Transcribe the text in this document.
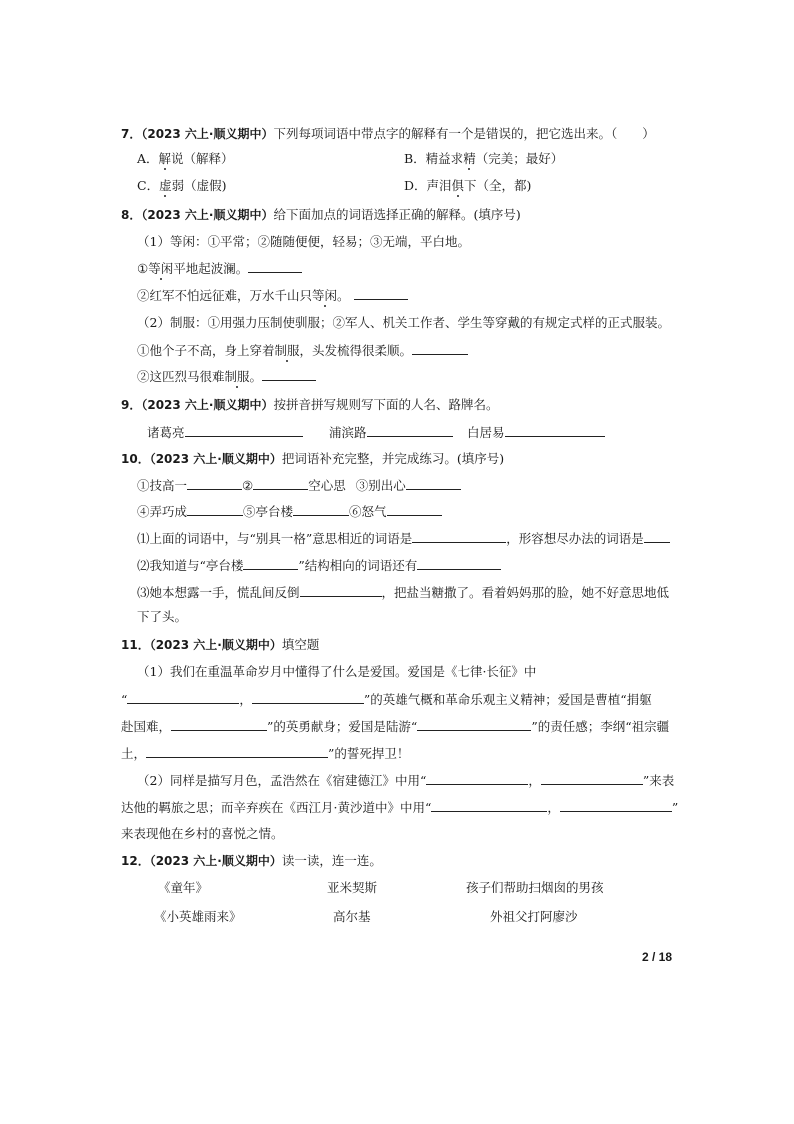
7．（2023 六上·顺义期中）下列每项词语中带点字的解释有一个是错误的，把它选出来。（　　）
A．解说（解释）	B．精益求精（完美；最好）
C．虚弱（虚假)	D．声泪俱下（全，都)
8．（2023 六上·顺义期中）给下面加点的词语选择正确的解释。(填序号)
（1）等闲：①平常；②随随便便，轻易；③无端，平白地。
①等闲平地起波澜。
②红军不怕远征难，万水千山只等闲。
（2）制服：①用强力压制使驯服；②军人、机关工作者、学生等穿戴的有规定式样的正式服装。
①他个子不高，身上穿着制服，头发梳得很柔顺。
②这匹烈马很难制服。
9．（2023 六上·顺义期中）按拼音拼写规则写下面的人名、路牌名。
诸葛亮	浦滨路	白居易
10．（2023 六上·顺义期中）把词语补充完整，并完成练习。(填序号)
①技高一	②	空心思 ③别出心
④弄巧成	⑤亭台楼	⑥怒气
⑴上面的词语中，与“别具一格”意思相近的词语是	，形容想尽办法的词语是
⑵我知道与“亭台楼	”结构相向的词语还有
⑶她本想露一手，慌乱间反倒	，把盐当糖撒了。看着妈妈那的脸，她不好意思地低
下了头。
11．（2023 六上·顺义期中）填空题
（1）我们在重温革命岁月中懂得了什么是爱国。爱国是《七律·长征》中
“	，	”的英雄气概和革命乐观主义精神；爱国是曹植“捐躯
赴国难，	”的英勇献身；爱国是陆游“	”的责任感；李纲“祖宗疆
土，	”的誓死捍卫！
（2）同样是描写月色，孟浩然在《宿建德江》中用“	，	”来表
达他的羁旅之思；而辛弃疾在《西江月·黄沙道中》中用“	，	”
来表现他在乡村的喜悦之情。
12．（2023 六上·顺义期中）读一读，连一连。
《童年》	亚米契斯	孩子们帮助扫烟囱的男孩
《小英雄雨来》	高尔基	外祖父打阿廖沙
2 / 18
